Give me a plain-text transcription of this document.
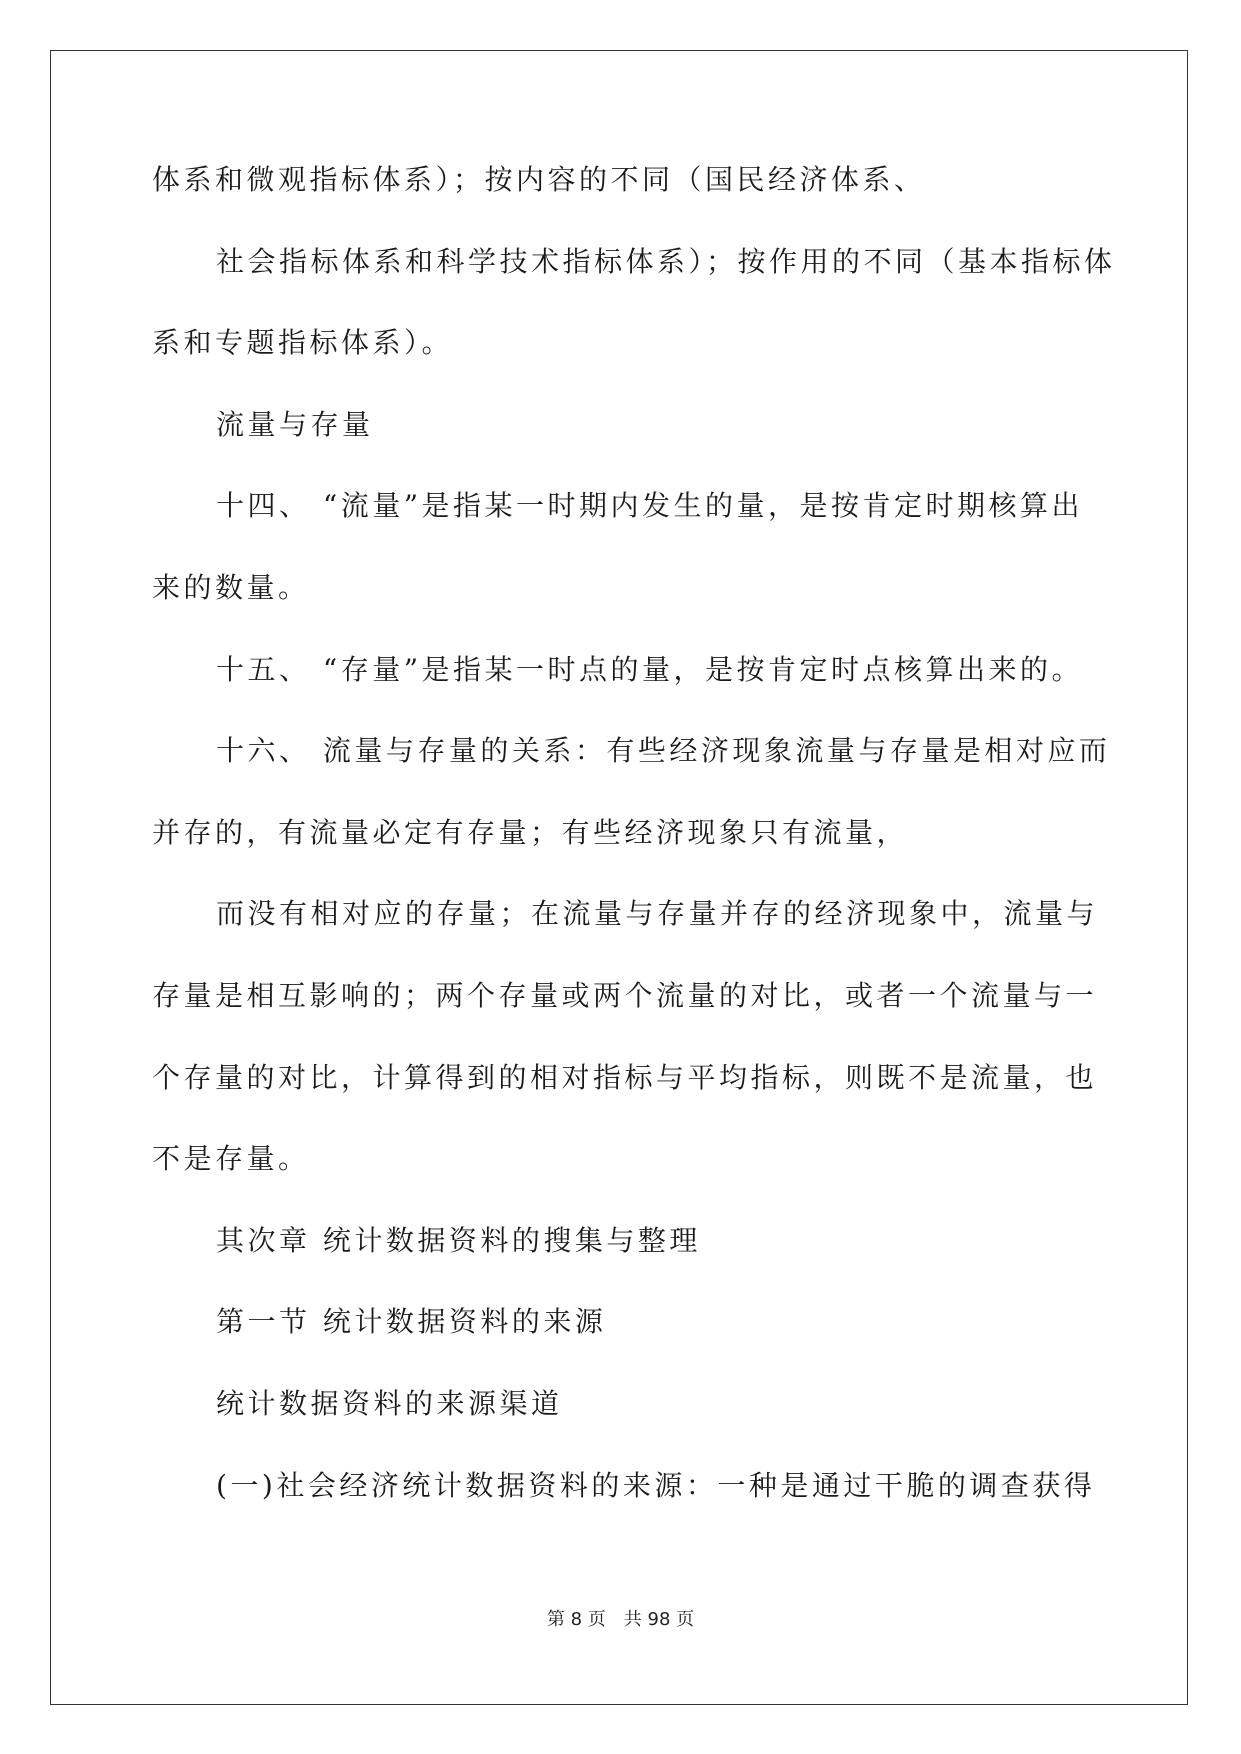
体系和微观指标体系）；按内容的不同（国民经济体系、
社会指标体系和科学技术指标体系）；按作用的不同（基本指标体
系和专题指标体系）。
流量与存量
十四、 “流量”是指某一时期内发生的量，是按肯定时期核算出
来的数量。
十五、 “存量”是指某一时点的量，是按肯定时点核算出来的。
十六、 流量与存量的关系：有些经济现象流量与存量是相对应而
并存的，有流量必定有存量；有些经济现象只有流量，
而没有相对应的存量；在流量与存量并存的经济现象中，流量与
存量是相互影响的；两个存量或两个流量的对比，或者一个流量与一
个存量的对比，计算得到的相对指标与平均指标，则既不是流量，也
不是存量。
其次章 统计数据资料的搜集与整理
第一节 统计数据资料的来源
统计数据资料的来源渠道
(一)社会经济统计数据资料的来源：一种是通过干脆的调查获得
第 8 页 共 98 页
